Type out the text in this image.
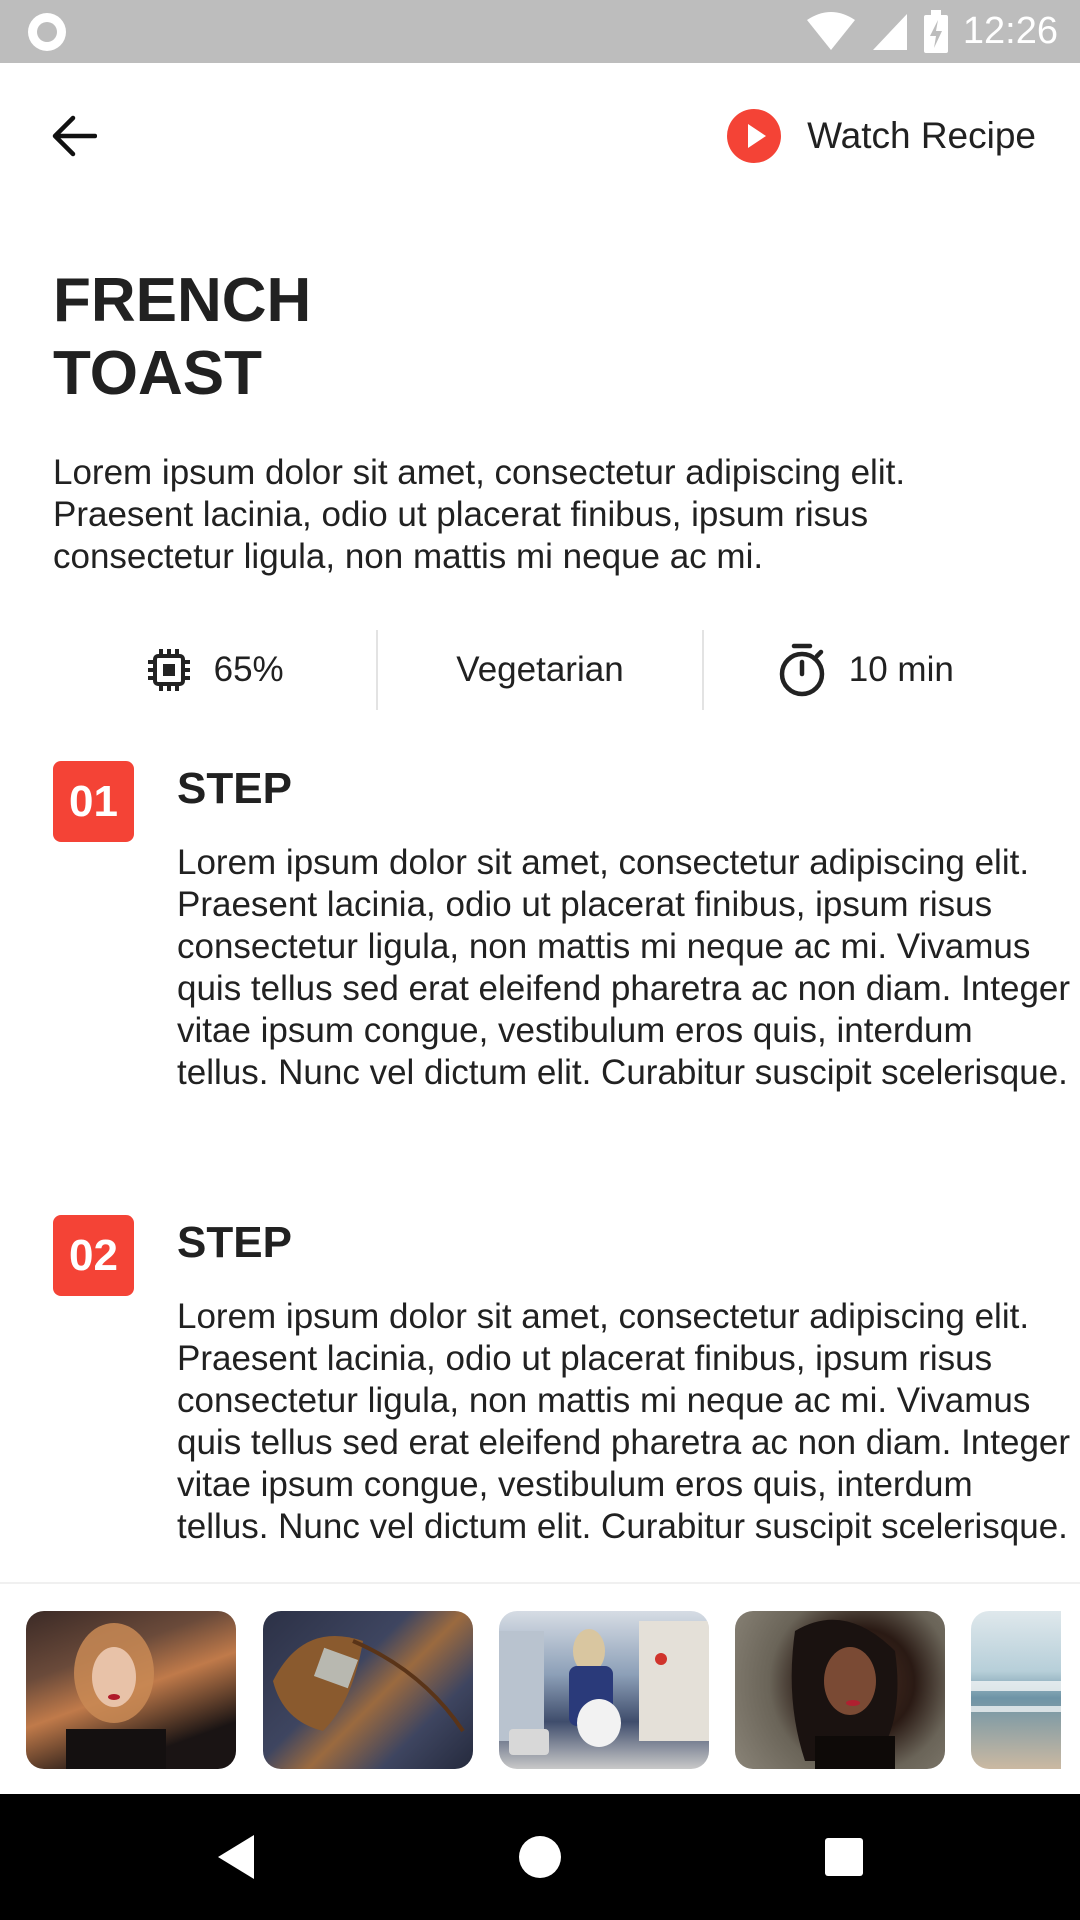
12:26
Watch Recipe
FRENCH
TOAST

Lorem ipsum dolor sit amet, consectetur adipiscing elit. Praesent lacinia, odio ut placerat finibus, ipsum risus consectetur ligula, non mattis mi neque ac mi.

65%	Vegetarian	10 min
01	STEP

Lorem ipsum dolor sit amet, consectetur adipiscing elit. Praesent lacinia, odio ut placerat finibus, ipsum risus consectetur ligula, non mattis mi neque ac mi. Vivamus quis tellus sed erat eleifend pharetra ac non diam. Integer vitae ipsum congue, vestibulum eros quis, interdum tellus. Nunc vel dictum elit. Curabitur suscipit scelerisque.

02	STEP

Lorem ipsum dolor sit amet, consectetur adipiscing elit. Praesent lacinia, odio ut placerat finibus, ipsum risus consectetur ligula, non mattis mi neque ac mi. Vivamus quis tellus sed erat eleifend pharetra ac non diam. Integer vitae ipsum congue, vestibulum eros quis, interdum tellus. Nunc vel dictum elit. Curabitur suscipit scelerisque.
